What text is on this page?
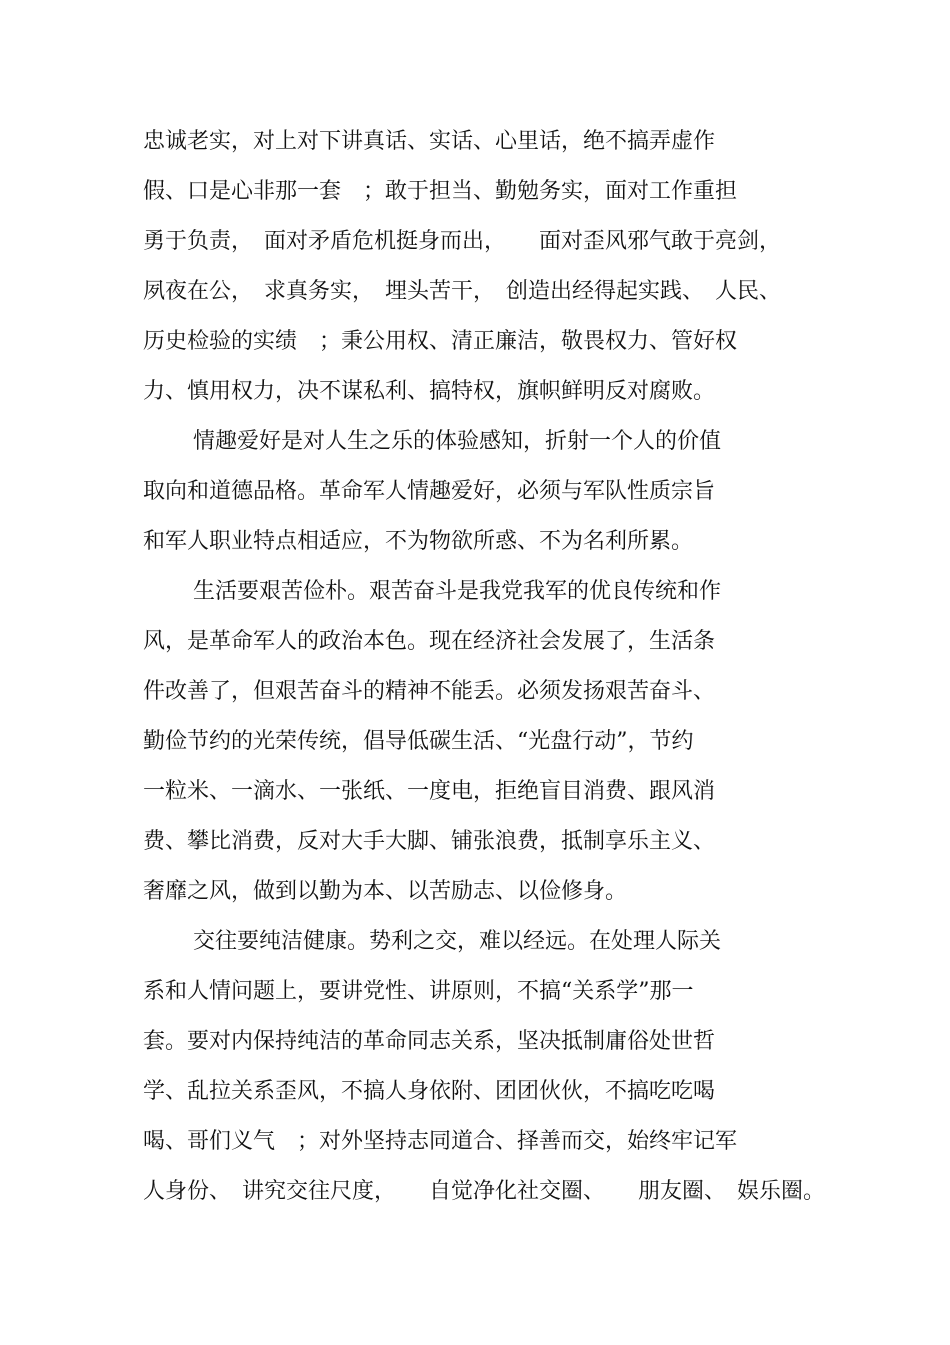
忠诚老实，对上对下讲真话、实话、心里话，绝不搞弄虚作

假、口是心非那一套　；敢于担当、勤勉务实，面对工作重担

勇于负责，　面对矛盾危机挺身而出，　　面对歪风邪气敢于亮剑，

夙夜在公，　求真务实，　埋头苦干，　创造出经得起实践、　人民、

历史检验的实绩　；秉公用权、清正廉洁，敬畏权力、管好权

力、慎用权力，决不谋私利、搞特权，旗帜鲜明反对腐败。

情趣爱好是对人生之乐的体验感知，折射一个人的价值

取向和道德品格。革命军人情趣爱好，必须与军队性质宗旨

和军人职业特点相适应，不为物欲所惑、不为名利所累。

生活要艰苦俭朴。艰苦奋斗是我党我军的优良传统和作

风，是革命军人的政治本色。现在经济社会发展了，生活条

件改善了，但艰苦奋斗的精神不能丢。必须发扬艰苦奋斗、

勤俭节约的光荣传统，倡导低碳生活、“光盘行动”，节约

一粒米、一滴水、一张纸、一度电，拒绝盲目消费、跟风消

费、攀比消费，反对大手大脚、铺张浪费，抵制享乐主义、

奢靡之风，做到以勤为本、以苦励志、以俭修身。

交往要纯洁健康。势利之交，难以经远。在处理人际关

系和人情问题上，要讲党性、讲原则，不搞“关系学”那一

套。要对内保持纯洁的革命同志关系，坚决抵制庸俗处世哲

学、乱拉关系歪风，不搞人身依附、团团伙伙，不搞吃吃喝

喝、哥们义气　；对外坚持志同道合、择善而交，始终牢记军

人身份、　讲究交往尺度，　　自觉净化社交圈、　　朋友圈、　娱乐圈。
